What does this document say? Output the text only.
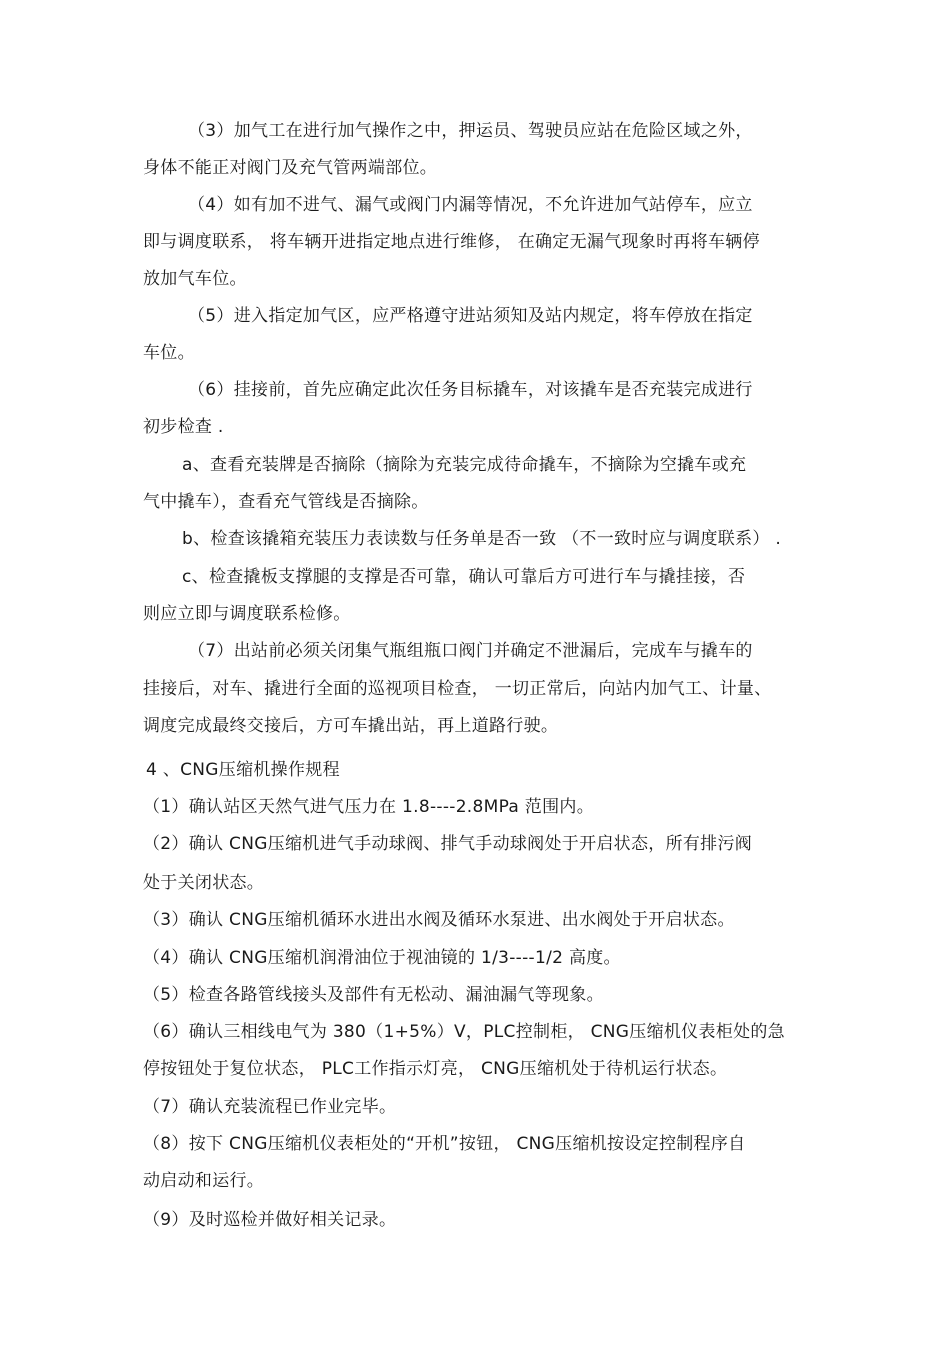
（3）加气工在进行加气操作之中，押运员、驾驶员应站在危险区域之外，
身体不能正对阀门及充气管两端部位。
（4）如有加不进气、漏气或阀门内漏等情况，不允许进加气站停车，应立
即与调度联系， 将车辆开进指定地点进行维修， 在确定无漏气现象时再将车辆停
放加气车位。
（5）进入指定加气区，应严格遵守进站须知及站内规定，将车停放在指定
车位。
（6）挂接前，首先应确定此次任务目标撬车，对该撬车是否充装完成进行
初步检查 .
a、查看充装牌是否摘除（摘除为充装完成待命撬车，不摘除为空撬车或充
气中撬车），查看充气管线是否摘除。
b、检查该撬箱充装压力表读数与任务单是否一致 （不一致时应与调度联系） .
c、检查撬板支撑腿的支撑是否可靠，确认可靠后方可进行车与撬挂接，否
则应立即与调度联系检修。
（7）出站前必须关闭集气瓶组瓶口阀门并确定不泄漏后，完成车与撬车的
挂接后，对车、撬进行全面的巡视项目检查， 一切正常后，向站内加气工、计量、
调度完成最终交接后，方可车撬出站，再上道路行驶。
4 、CNG压缩机操作规程
（1）确认站区天然气进气压力在 1.8----2.8MPa 范围内。
（2）确认 CNG压缩机进气手动球阀、排气手动球阀处于开启状态，所有排污阀
处于关闭状态。
（3）确认 CNG压缩机循环水进出水阀及循环水泵进、出水阀处于开启状态。
（4）确认 CNG压缩机润滑油位于视油镜的 1/3----1/2 高度。
（5）检查各路管线接头及部件有无松动、漏油漏气等现象。
（6）确认三相线电气为 380（1+5%）V，PLC控制柜， CNG压缩机仪表柜处的急
停按钮处于复位状态， PLC工作指示灯亮， CNG压缩机处于待机运行状态。
（7）确认充装流程已作业完毕。
（8）按下 CNG压缩机仪表柜处的“开机”按钮， CNG压缩机按设定控制程序自
动启动和运行。
（9）及时巡检并做好相关记录。
